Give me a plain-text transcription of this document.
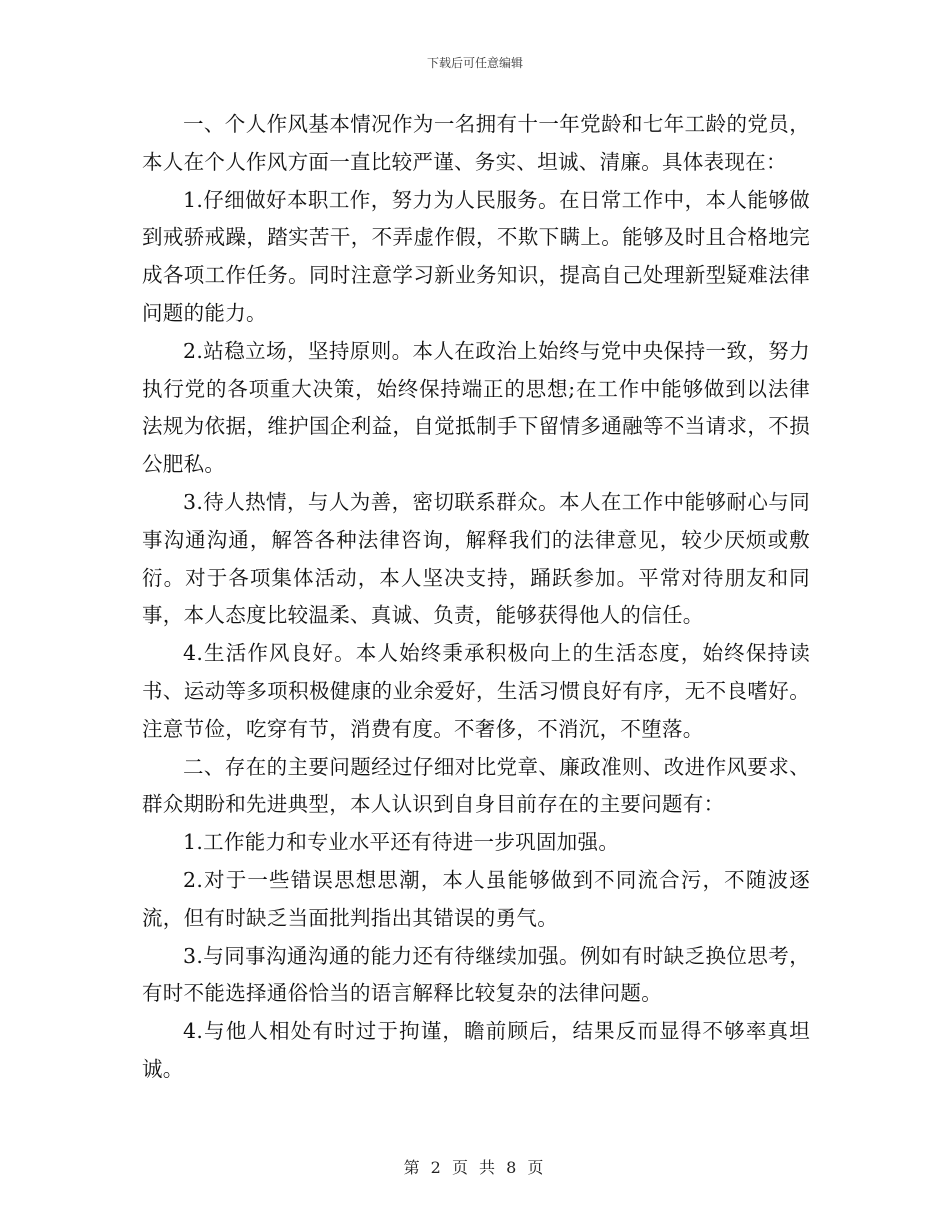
下载后可任意编辑

一、个人作风基本情况作为一名拥有十一年党龄和七年工龄的党员，本人在个人作风方面一直比较严谨、务实、坦诚、清廉。具体表现在：

1.仔细做好本职工作，努力为人民服务。在日常工作中，本人能够做到戒骄戒躁，踏实苦干，不弄虚作假，不欺下瞒上。能够及时且合格地完成各项工作任务。同时注意学习新业务知识，提高自己处理新型疑难法律问题的能力。

2.站稳立场，坚持原则。本人在政治上始终与党中央保持一致，努力执行党的各项重大决策，始终保持端正的思想;在工作中能够做到以法律法规为依据，维护国企利益，自觉抵制手下留情多通融等不当请求，不损公肥私。

3.待人热情，与人为善，密切联系群众。本人在工作中能够耐心与同事沟通沟通，解答各种法律咨询，解释我们的法律意见，较少厌烦或敷衍。对于各项集体活动，本人坚决支持，踊跃参加。平常对待朋友和同事，本人态度比较温柔、真诚、负责，能够获得他人的信任。

4.生活作风良好。本人始终秉承积极向上的生活态度，始终保持读书、运动等多项积极健康的业余爱好，生活习惯良好有序，无不良嗜好。注意节俭，吃穿有节，消费有度。不奢侈，不消沉，不堕落。

二、存在的主要问题经过仔细对比党章、廉政准则、改进作风要求、群众期盼和先进典型，本人认识到自身目前存在的主要问题有：

1.工作能力和专业水平还有待进一步巩固加强。

2.对于一些错误思想思潮，本人虽能够做到不同流合污，不随波逐流，但有时缺乏当面批判指出其错误的勇气。

3.与同事沟通沟通的能力还有待继续加强。例如有时缺乏换位思考，有时不能选择通俗恰当的语言解释比较复杂的法律问题。

4.与他人相处有时过于拘谨，瞻前顾后，结果反而显得不够率真坦诚。

第 2 页 共 8 页
